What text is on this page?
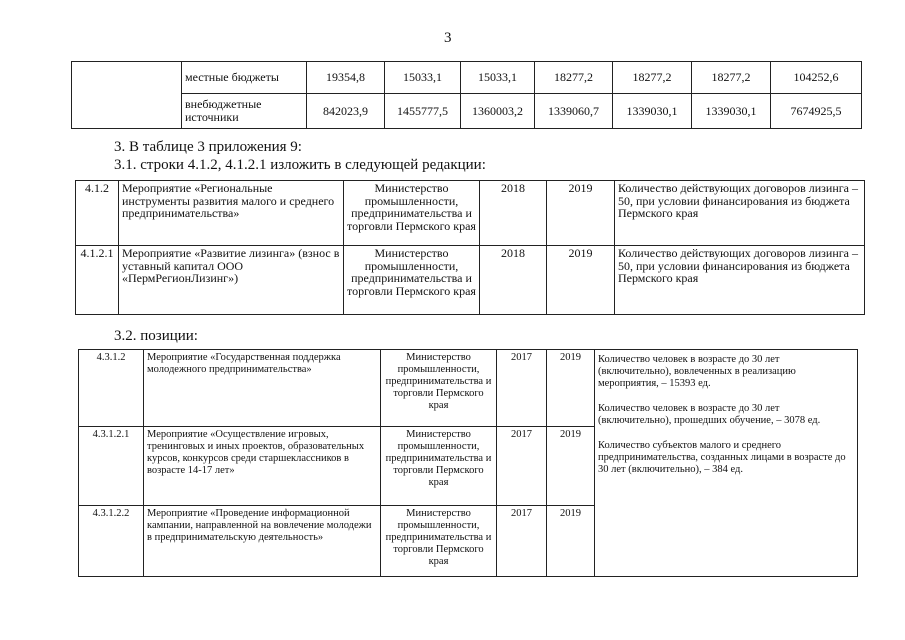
3
	местные бюджеты	19354,8	15033,1	15033,1	18277,2	18277,2	18277,2	104252,6
	внебюджетные источники	842023,9	1455777,5	1360003,2	1339060,7	1339030,1	1339030,1	7674925,5
3. В таблице 3 приложения 9:
3.1. строки 4.1.2, 4.1.2.1 изложить в следующей редакции:
4.1.2	Мероприятие «Региональные инструменты развития малого и среднего предпринимательства»	Министерство промышленности, предпринимательства и торговли Пермского края	2018	2019	Количество действующих договоров лизинга – 50, при условии финансирования из бюджета Пермского края
4.1.2.1	Мероприятие «Развитие лизинга» (взнос в уставный капитал ООО «ПермРегионЛизинг»)	Министерство промышленности, предпринимательства и торговли Пермского края	2018	2019	Количество действующих договоров лизинга – 50, при условии финансирования из бюджета Пермского края
3.2. позиции:
4.3.1.2	Мероприятие «Государственная поддержка молодежного предпринимательства»	Министерство промышленности, предпринимательства и торговли Пермского края	2017	2019	Количество человек в возрасте до 30 лет (включительно), вовлеченных в реализацию мероприятия, – 15393 ед.

Количество человек в возрасте до 30 лет (включительно), прошедших обучение, – 3078 ед.

Количество субъектов малого и среднего предпринимательства, созданных лицами в возрасте до 30 лет (включительно), – 384 ед.

4.3.1.2.1	Мероприятие «Осуществление игровых, тренинговых и иных проектов, образовательных курсов, конкурсов среди старшеклассников в возрасте 14-17 лет»	Министерство промышленности, предпринимательства и торговли Пермского края	2017	2019	
4.3.1.2.2	Мероприятие «Проведение информационной кампании, направленной на вовлечение молодежи в предпринимательскую деятельность»	Министерство промышленности, предпринимательства и торговли Пермского края	2017	2019	
